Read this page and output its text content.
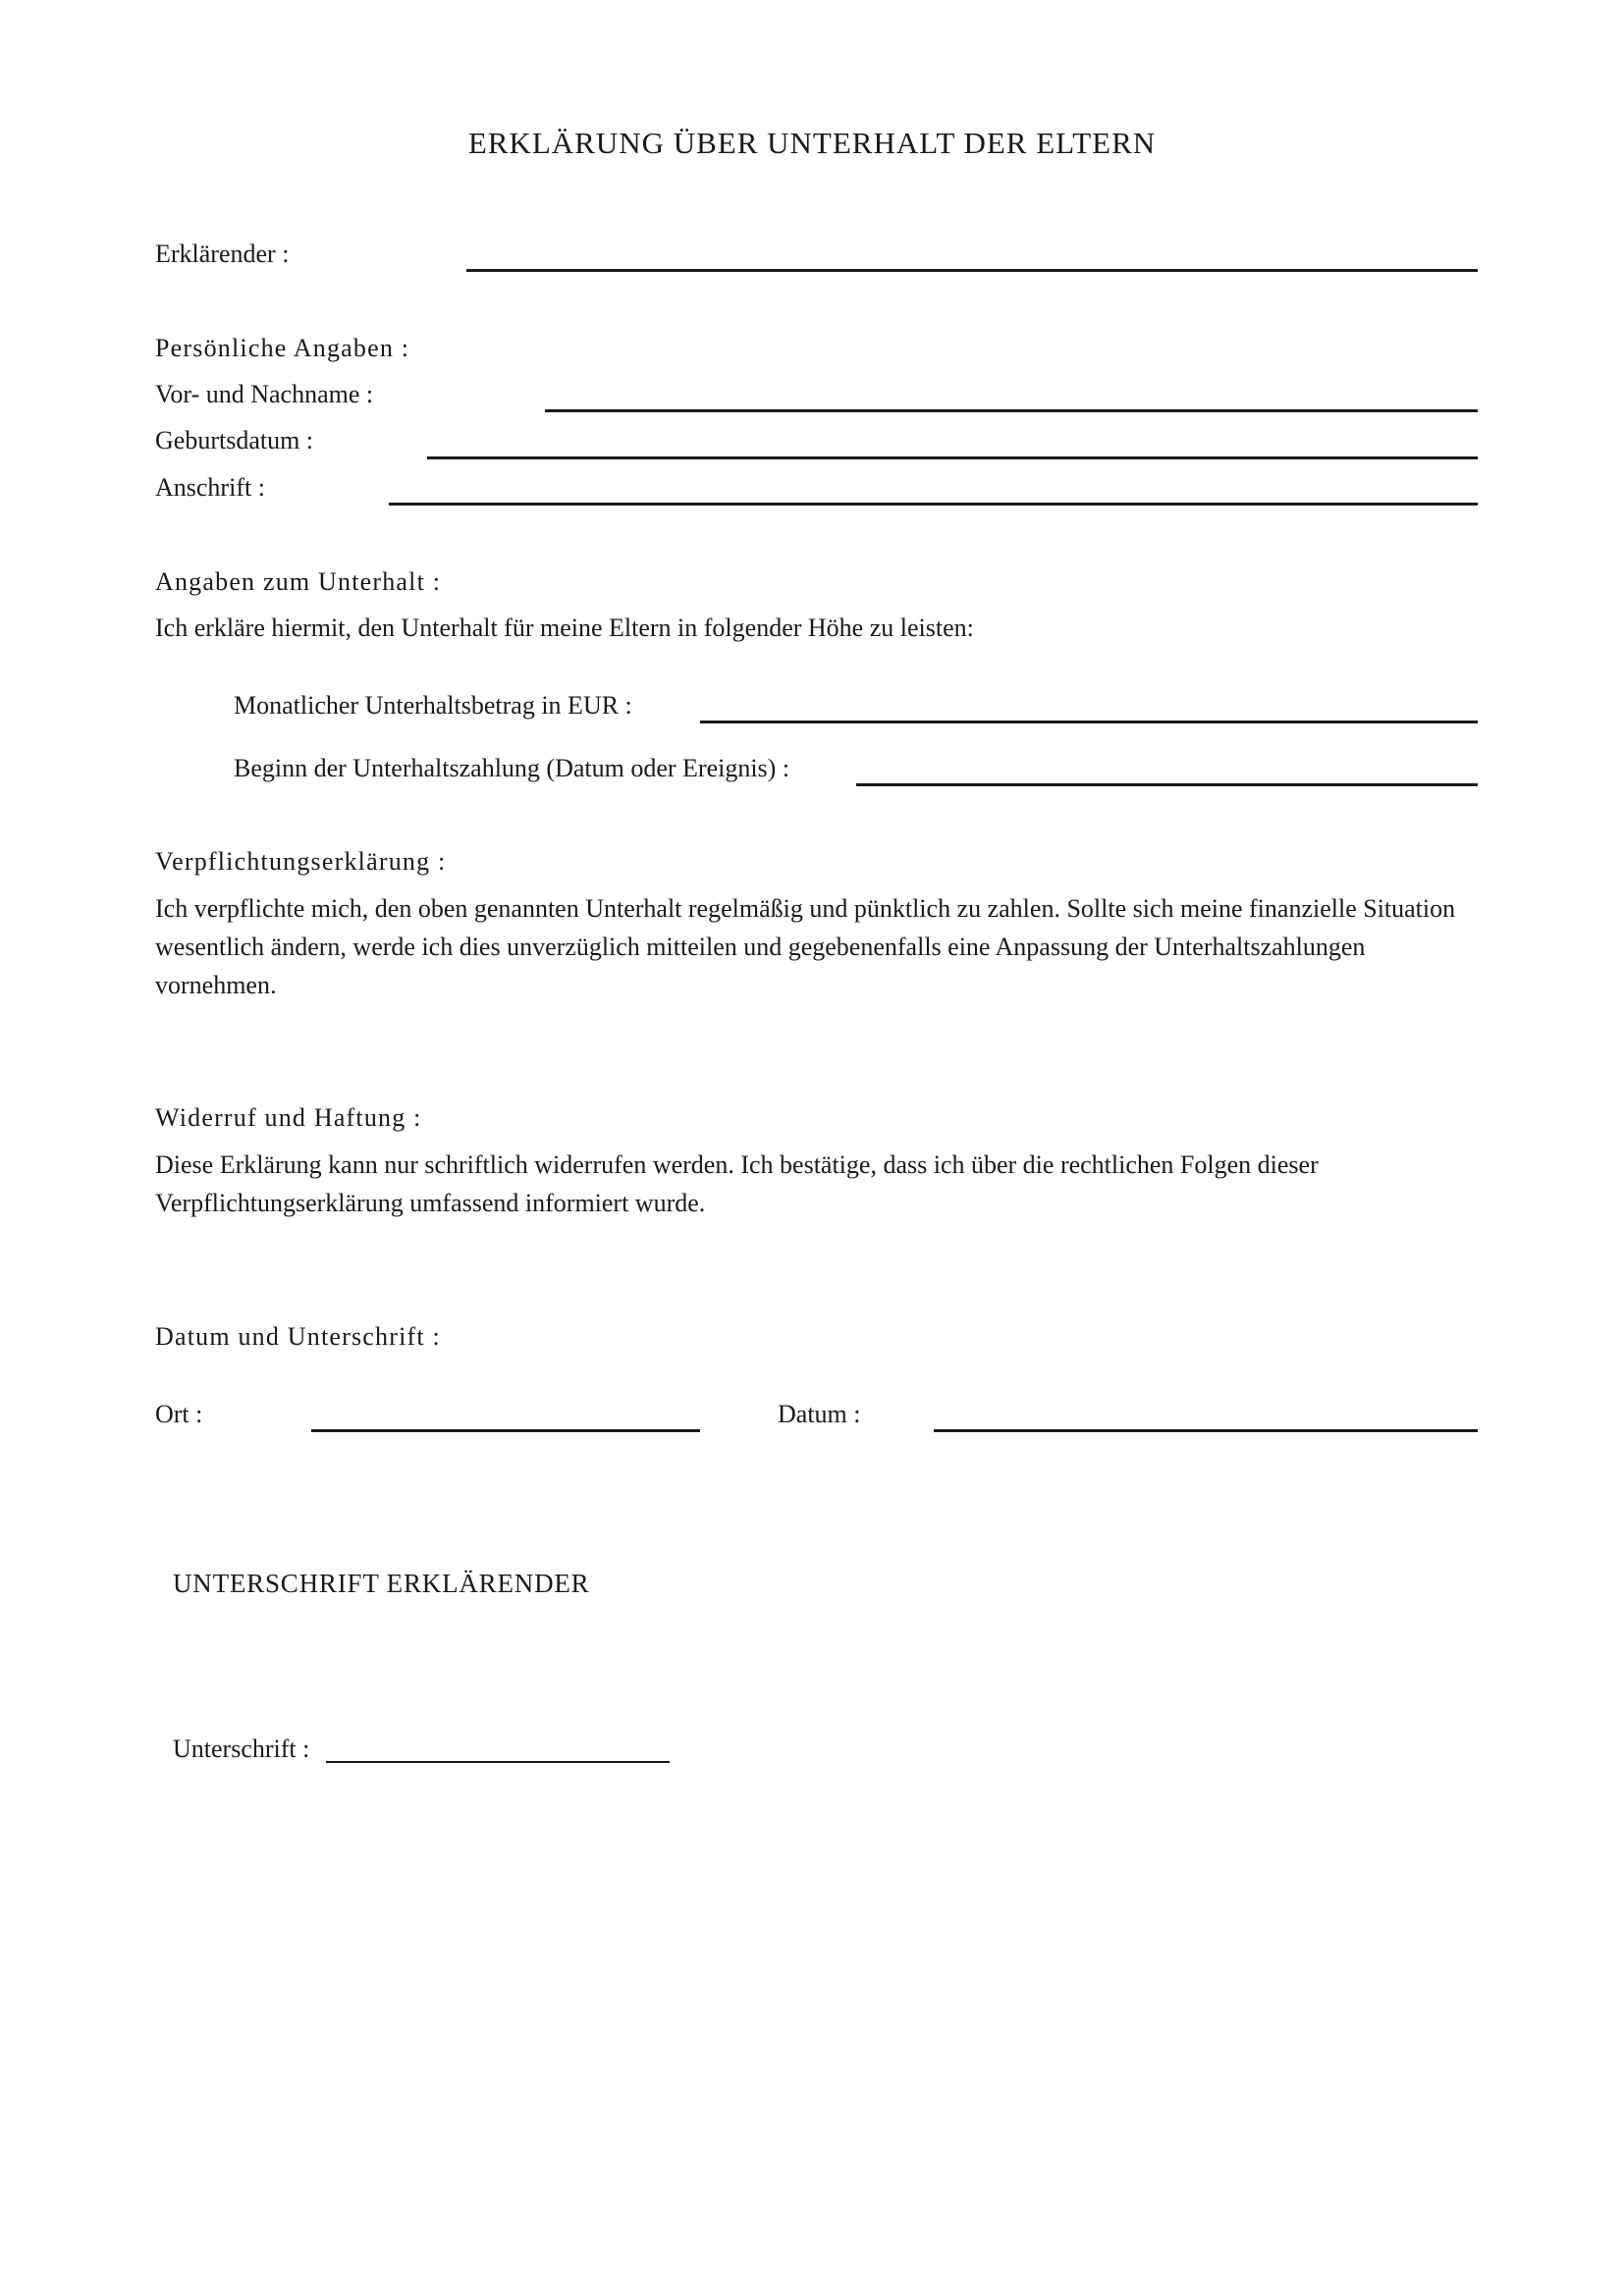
ERKLÄRUNG ÜBER UNTERHALT DER ELTERN
Erklärender :
Persönliche Angaben :
Vor- und Nachname :
Geburtsdatum :
Anschrift :
Angaben zum Unterhalt :
Ich erkläre hiermit, den Unterhalt für meine Eltern in folgender Höhe zu leisten:
Monatlicher Unterhaltsbetrag in EUR :
Beginn der Unterhaltszahlung (Datum oder Ereignis) :
Verpflichtungserklärung :
Ich verpflichte mich, den oben genannten Unterhalt regelmäßig und pünktlich zu zahlen. Sollte sich meine finanzielle Situation wesentlich ändern, werde ich dies unverzüglich mitteilen und gegebenenfalls eine Anpassung der Unterhaltszahlungen vornehmen.
Widerruf und Haftung :
Diese Erklärung kann nur schriftlich widerrufen werden. Ich bestätige, dass ich über die rechtlichen Folgen dieser Verpflichtungserklärung umfassend informiert wurde.
Datum und Unterschrift :
Ort :	Datum :
UNTERSCHRIFT ERKLÄRENDER
Unterschrift :
